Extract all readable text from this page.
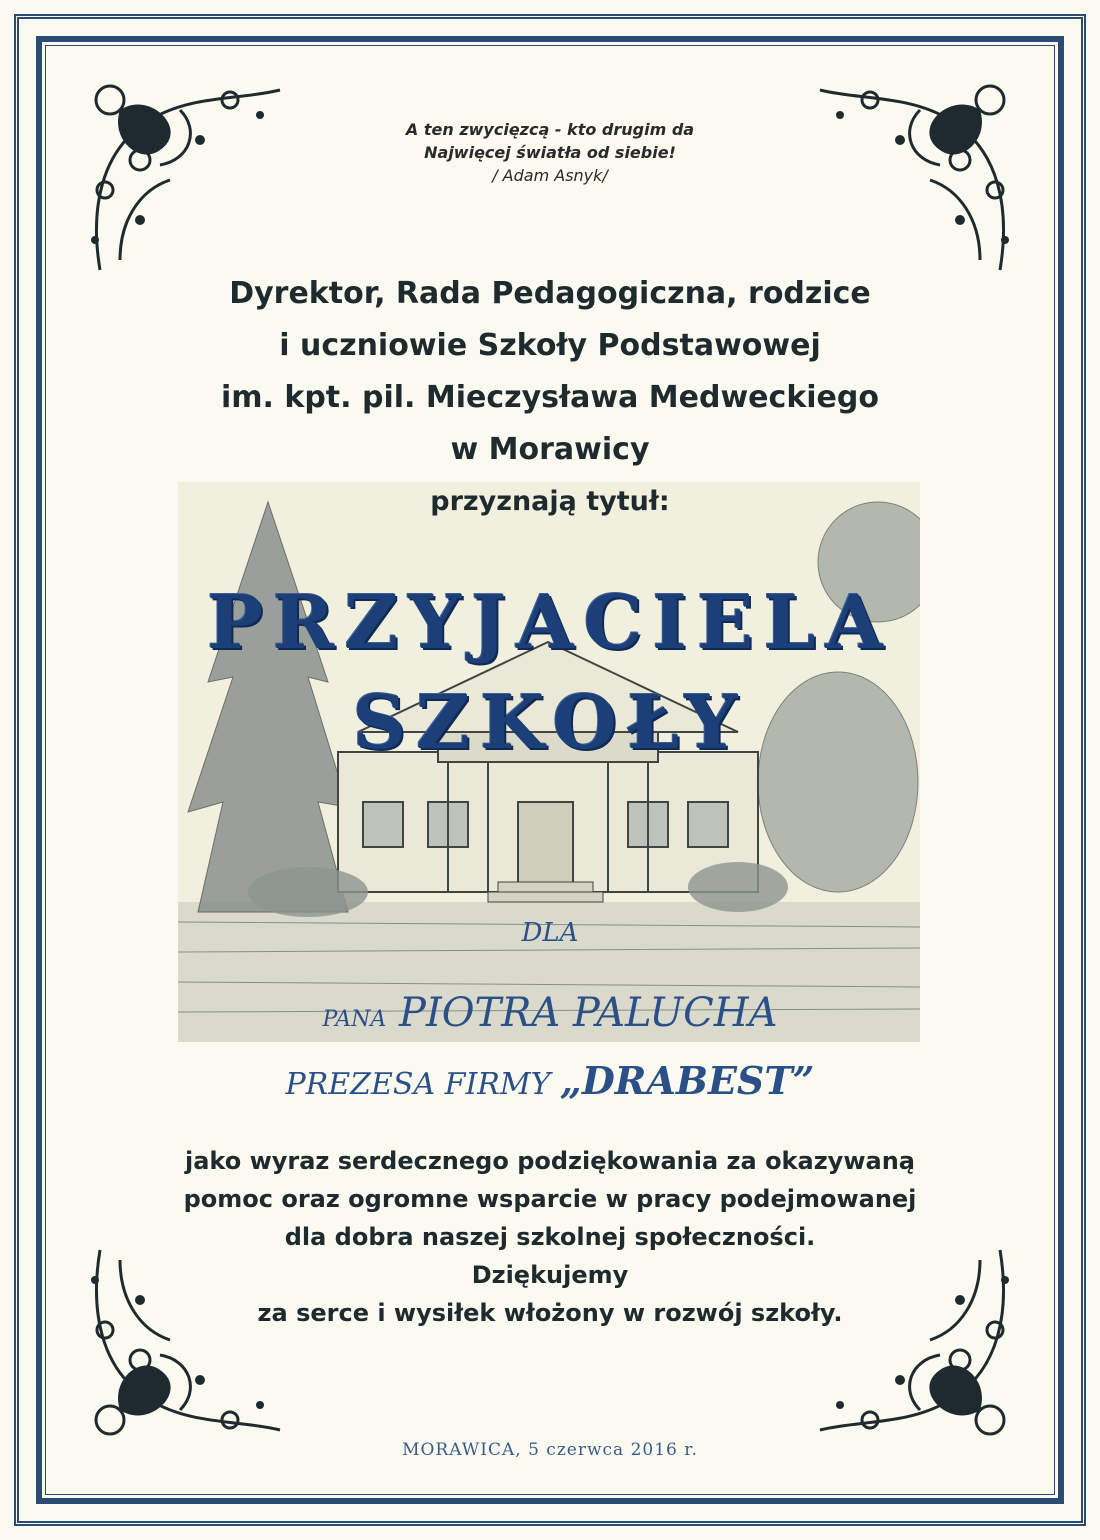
A ten zwycięzcą - kto drugim da
Najwięcej światła od siebie!
/ Adam Asnyk/
Dyrektor, Rada Pedagogiczna, rodzice
i uczniowie Szkoły Podstawowej
im. kpt. pil. Mieczysława Medweckiego
w Morawicy
przyznają tytuł:
PRZYJACIELA
SZKOŁY
DLA
PANA PIOTRA PALUCHA
PREZESA FIRMY „DRABEST”
jako wyraz serdecznego podziękowania za okazywaną
pomoc oraz ogromne wsparcie w pracy podejmowanej
dla dobra naszej szkolnej społeczności.
Dziękujemy
za serce i wysiłek włożony w rozwój szkoły.
MORAWICA, 5 czerwca 2016 r.
